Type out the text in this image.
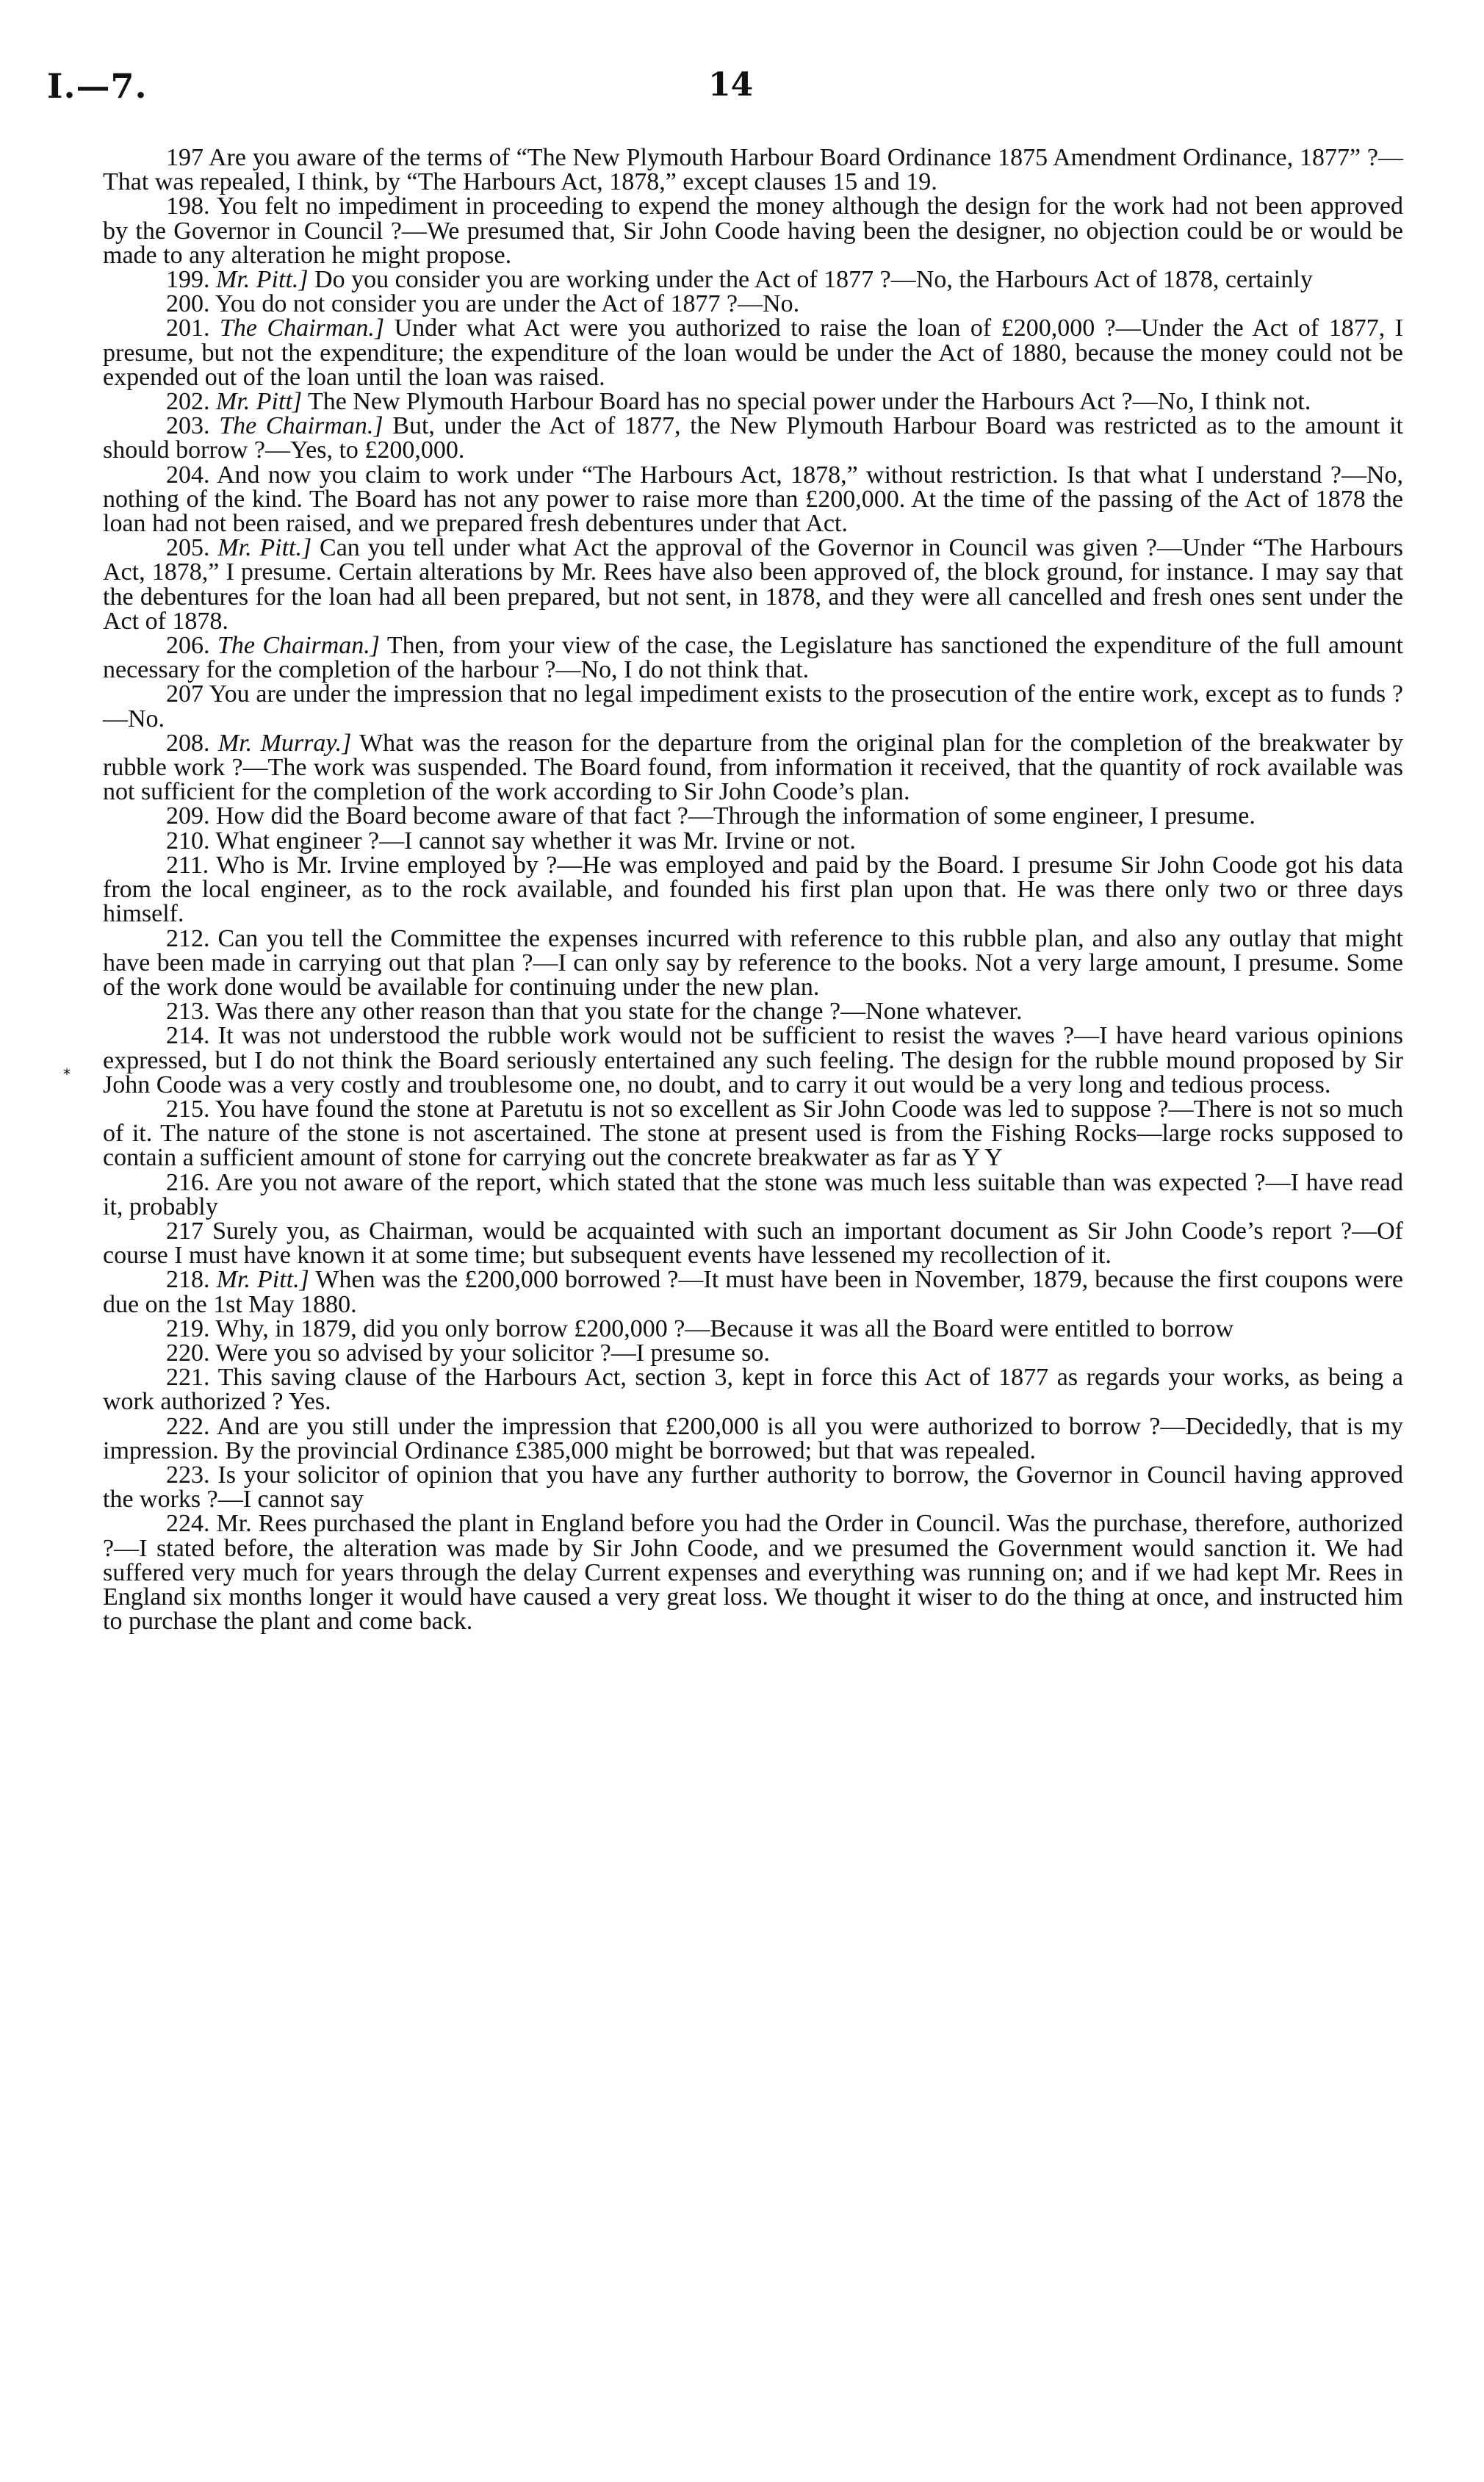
I.—7.	14
*

197 Are you aware of the terms of “The New Plymouth Harbour Board Ordinance 1875 Amendment Ordinance, 1877” ?—That was repealed, I think, by “The Harbours Act, 1878,” except clauses 15 and 19.

198. You felt no impediment in proceeding to expend the money although the design for the work had not been approved by the Governor in Council ?—We presumed that, Sir John Coode having been the designer, no objection could be or would be made to any alteration he might propose.

199. Mr. Pitt.] Do you consider you are working under the Act of 1877 ?—No, the Harbours Act of 1878, certainly

200. You do not consider you are under the Act of 1877 ?—No.

201. The Chairman.] Under what Act were you authorized to raise the loan of £200,000 ?—Under the Act of 1877, I presume, but not the expenditure; the expenditure of the loan would be under the Act of 1880, because the money could not be expended out of the loan until the loan was raised.

202. Mr. Pitt] The New Plymouth Harbour Board has no special power under the Harbours Act ?—No, I think not.

203. The Chairman.] But, under the Act of 1877, the New Plymouth Harbour Board was restricted as to the amount it should borrow ?—Yes, to £200,000.

204. And now you claim to work under “The Harbours Act, 1878,” without restriction. Is that what I understand ?—No, nothing of the kind. The Board has not any power to raise more than £200,000. At the time of the passing of the Act of 1878 the loan had not been raised, and we prepared fresh debentures under that Act.

205. Mr. Pitt.] Can you tell under what Act the approval of the Governor in Council was given ?—Under “The Harbours Act, 1878,” I presume. Certain alterations by Mr. Rees have also been approved of, the block ground, for instance. I may say that the debentures for the loan had all been prepared, but not sent, in 1878, and they were all cancelled and fresh ones sent under the Act of 1878.

206. The Chairman.] Then, from your view of the case, the Legislature has sanctioned the expenditure of the full amount necessary for the completion of the harbour ?—No, I do not think that.

207 You are under the impression that no legal impediment exists to the prosecution of the entire work, except as to funds ?—No.

208. Mr. Murray.] What was the reason for the departure from the original plan for the completion of the breakwater by rubble work ?—The work was suspended. The Board found, from information it received, that the quantity of rock available was not sufficient for the completion of the work according to Sir John Coode’s plan.

209. How did the Board become aware of that fact ?—Through the information of some engineer, I presume.

210. What engineer ?—I cannot say whether it was Mr. Irvine or not.

211. Who is Mr. Irvine employed by ?—He was employed and paid by the Board. I presume Sir John Coode got his data from the local engineer, as to the rock available, and founded his first plan upon that. He was there only two or three days himself.

212. Can you tell the Committee the expenses incurred with reference to this rubble plan, and also any outlay that might have been made in carrying out that plan ?—I can only say by reference to the books. Not a very large amount, I presume. Some of the work done would be available for continuing under the new plan.

213. Was there any other reason than that you state for the change ?—None whatever.

214. It was not understood the rubble work would not be sufficient to resist the waves ?—I have heard various opinions expressed, but I do not think the Board seriously entertained any such feeling. The design for the rubble mound proposed by Sir John Coode was a very costly and troublesome one, no doubt, and to carry it out would be a very long and tedious process.

215. You have found the stone at Paretutu is not so excellent as Sir John Coode was led to suppose ?—There is not so much of it. The nature of the stone is not ascertained. The stone at present used is from the Fishing Rocks—large rocks supposed to contain a sufficient amount of stone for carrying out the concrete breakwater as far as Y Y

216. Are you not aware of the report, which stated that the stone was much less suitable than was expected ?—I have read it, probably

217 Surely you, as Chairman, would be acquainted with such an important document as Sir John Coode’s report ?—Of course I must have known it at some time; but subsequent events have lessened my recollection of it.

218. Mr. Pitt.] When was the £200,000 borrowed ?—It must have been in November, 1879, because the first coupons were due on the 1st May 1880.

219. Why, in 1879, did you only borrow £200,000 ?—Because it was all the Board were entitled to borrow

220. Were you so advised by your solicitor ?—I presume so.

221. This saving clause of the Harbours Act, section 3, kept in force this Act of 1877 as regards your works, as being a work authorized ? Yes.

222. And are you still under the impression that £200,000 is all you were authorized to borrow ?—Decidedly, that is my impression. By the provincial Ordinance £385,000 might be borrowed; but that was repealed.

223. Is your solicitor of opinion that you have any further authority to borrow, the Governor in Council having approved the works ?—I cannot say

224. Mr. Rees purchased the plant in England before you had the Order in Council. Was the purchase, therefore, authorized ?—I stated before, the alteration was made by Sir John Coode, and we presumed the Government would sanction it. We had suffered very much for years through the delay Current expenses and everything was running on; and if we had kept Mr. Rees in England six months longer it would have caused a very great loss. We thought it wiser to do the thing at once, and instructed him to purchase the plant and come back.
